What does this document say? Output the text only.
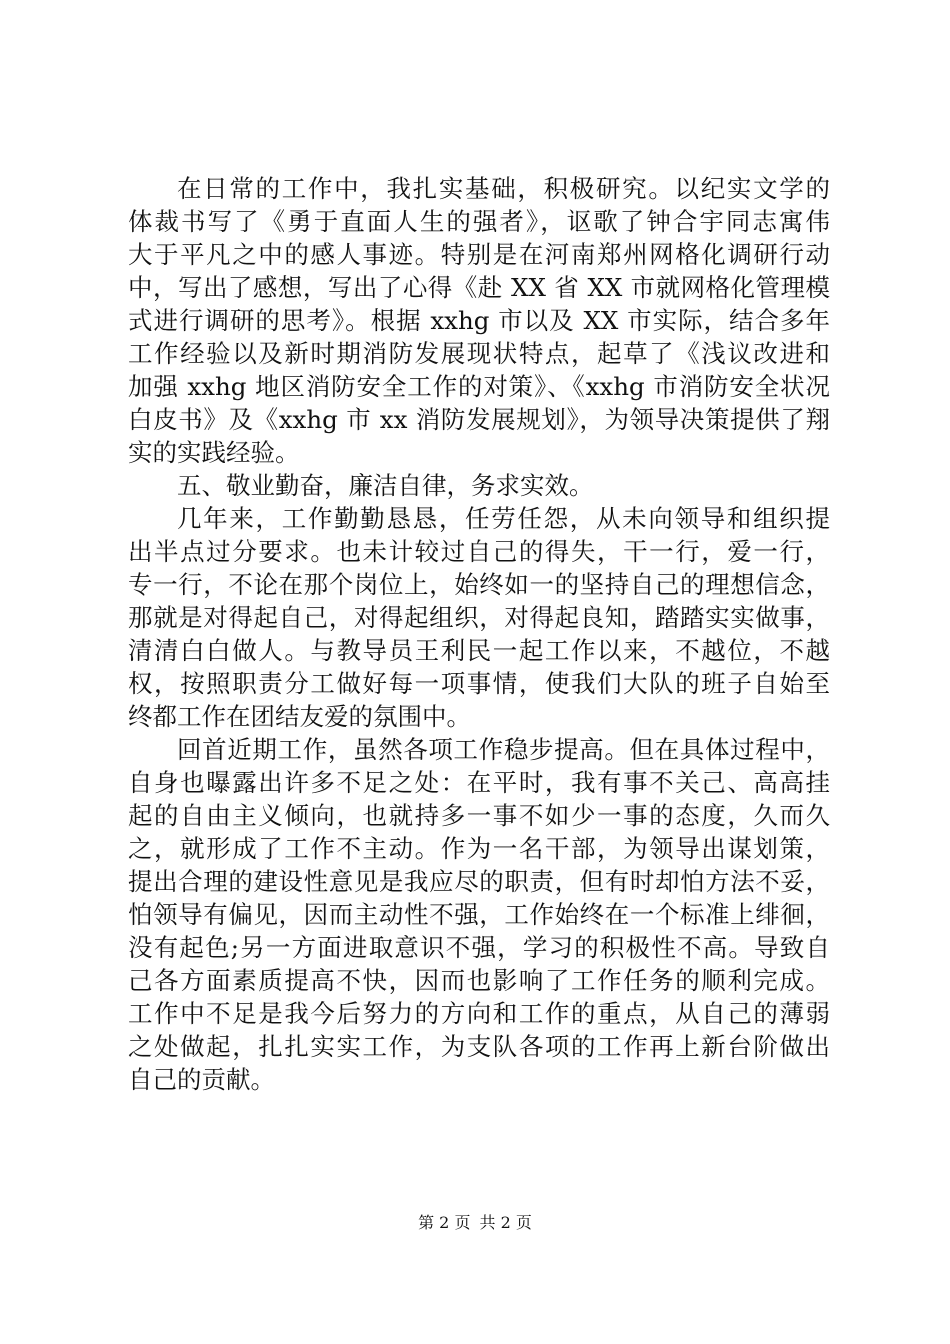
在日常的工作中，我扎实基础，积极研究。以纪实文学的
体裁书写了《勇于直面人生的强者》，讴歌了钟合宇同志寓伟
大于平凡之中的感人事迹。特别是在河南郑州网格化调研行动
中，写出了感想，写出了心得《赴 XX 省 XX 市就网格化管理模
式进行调研的思考》。根据 xxhg 市以及 XX 市实际，结合多年
工作经验以及新时期消防发展现状特点，起草了《浅议改进和
加强 xxhg 地区消防安全工作的对策》、《xxhg 市消防安全状况
白皮书》及《xxhg 市 xx 消防发展规划》，为领导决策提供了翔
实的实践经验。
五、敬业勤奋，廉洁自律，务求实效。
几年来，工作勤勤恳恳，任劳任怨，从未向领导和组织提
出半点过分要求。也未计较过自己的得失，干一行，爱一行，
专一行，不论在那个岗位上，始终如一的坚持自己的理想信念，
那就是对得起自己，对得起组织，对得起良知，踏踏实实做事，
清清白白做人。与教导员王利民一起工作以来，不越位，不越
权，按照职责分工做好每一项事情，使我们大队的班子自始至
终都工作在团结友爱的氛围中。
回首近期工作，虽然各项工作稳步提高。但在具体过程中，
自身也曝露出许多不足之处：在平时，我有事不关己、高高挂
起的自由主义倾向，也就持多一事不如少一事的态度，久而久
之，就形成了工作不主动。作为一名干部，为领导出谋划策，
提出合理的建设性意见是我应尽的职责，但有时却怕方法不妥，
怕领导有偏见，因而主动性不强，工作始终在一个标准上绯徊，
没有起色;另一方面进取意识不强，学习的积极性不高。导致自
己各方面素质提高不快，因而也影响了工作任务的顺利完成。
工作中不足是我今后努力的方向和工作的重点，从自己的薄弱
之处做起，扎扎实实工作，为支队各项的工作再上新台阶做出
自己的贡献。
第 2 页 共 2 页
